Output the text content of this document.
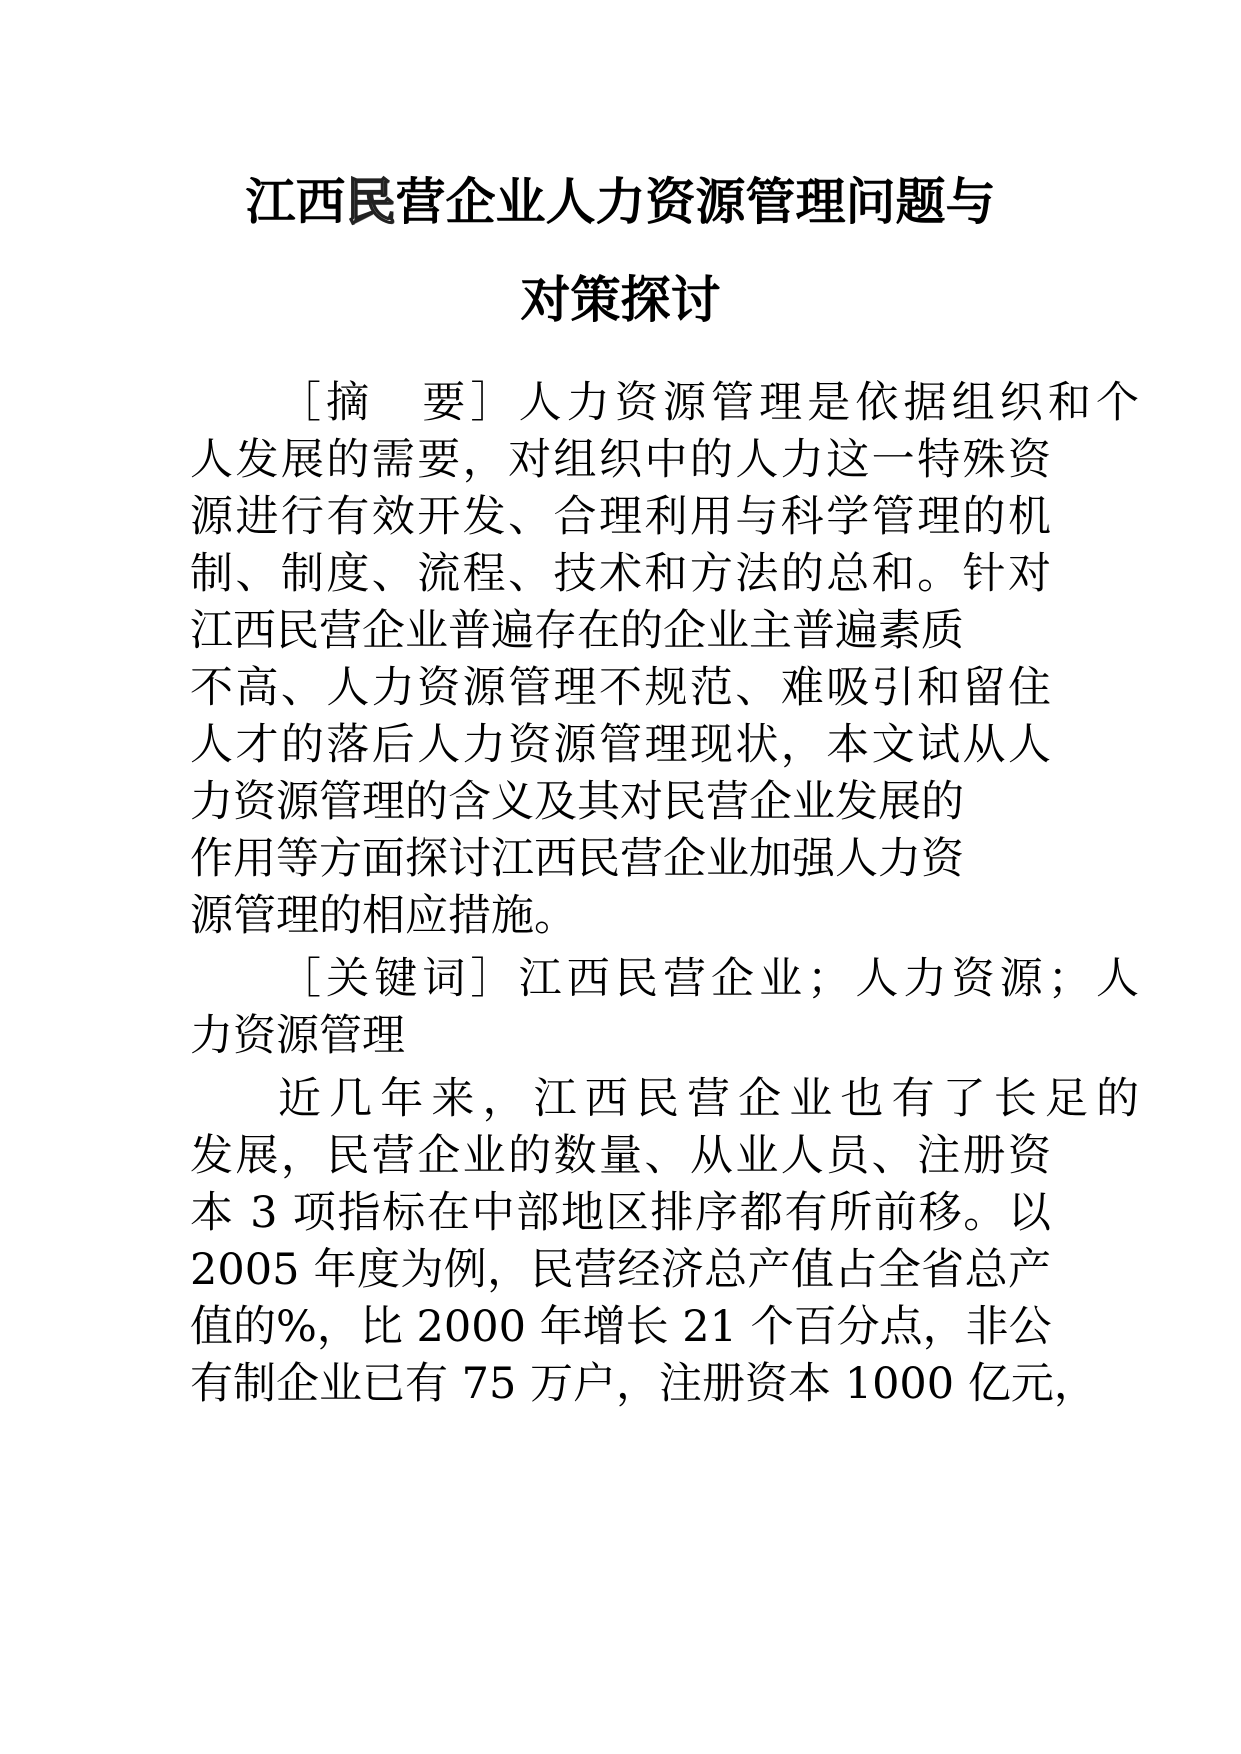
江西民营企业人力资源管理问题与
对策探讨
［摘　要］人力资源管理是依据组织和个
人发展的需要，对组织中的人力这一特殊资
源进行有效开发、合理利用与科学管理的机
制、制度、流程、技术和方法的总和。针对
江西民营企业普遍存在的企业主普遍素质
不高、人力资源管理不规范、难吸引和留住
人才的落后人力资源管理现状，本文试从人
力资源管理的含义及其对民营企业发展的
作用等方面探讨江西民营企业加强人力资
源管理的相应措施。
［关键词］江西民营企业；人力资源；人
力资源管理
近几年来，江西民营企业也有了长足的
发展，民营企业的数量、从业人员、注册资
本 3 项指标在中部地区排序都有所前移。以
2005 年度为例，民营经济总产值占全省总产
值的%，比 2000 年增长 21 个百分点，非公
有制企业已有 75 万户，注册资本 1000 亿元，
